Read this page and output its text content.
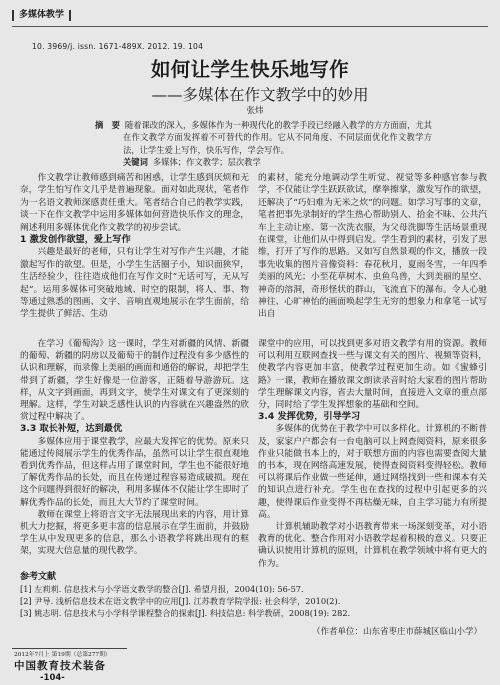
多媒体教学
10. 3969/j. issn. 1671-489X. 2012. 19. 104
如何让学生快乐地写作
——多媒体在作文教学中的妙用
张炜
摘　要 随着课改的深入，多媒体作为一种现代化的教学手段已经融入教学的方方面面，尤其在作文教学方面发挥着不可替代的作用。它从不同角度、不同层面优化作文教学方法，让学生爱上写作，快乐写作，学会写作。
关键词 多媒体；作文教学；层次教学

作文教学让教师感到痛苦和困惑，让学生感到厌烦和无奈，学生怕写作文几乎是普遍现象。面对如此现状，笔者作为一名语文教师深感责任重大。笔者结合自己的教学实践，谈一下在作文教学中运用多媒体如何营造快乐作文的理念，阐述利用多媒体优化作文教学的初步尝试。

1 激发创作欲望，爱上写作

兴趣是最好的老师，只有让学生对写作产生兴趣，才能激起写作的欲望。但是，小学生生活圈子小，知识面狭窄，生活经验少，往往造成他们在写作文时“无话可写，无从写起”。运用多媒体可突破地域、时空的限制，将人、事、物等通过熟悉的图画、文字、音响直观地展示在学生面前，给学生提供了鲜活、生动

的素材，能充分地调动学生听觉、视觉等多种感官参与教学，不仅能让学生跃跃欲试，摩拳擦掌，激发写作的欲望，还解决了“巧妇难为无米之炊”的问题。如学习写事的文章，笔者把事先录制好的学生热心帮助别人、拾金不昧、公共汽车上主动让座、第一次洗衣服，为父母洗脚等生活场景重现在课堂，让他们从中得到启发。学生看到的素材，引发了思维，打开了写作的思路。又如写自然景观的作文，播放一段事先收集的图片音像资料：春花秋月，夏雨冬雪，一年四季美丽的风光；小至花草树木、虫鱼鸟兽，大到美丽的星空、神奇的溶洞，奇形怪状的群山，飞流直下的瀑布。令人心驰神往、心旷神怡的画面唤起学生无穷的想象力和拿笔一试写出自

在学习《葡萄沟》这一课时，学生对新疆的风情、新疆的葡萄、新疆的阴房以及葡萄干的制作过程没有多少感性的认识和理解，而录像上美丽的画面和通俗的解说，却把学生带到了新疆，学生好像是一位游客，正随着导游游玩。这样，从文字到画面，再到文字，使学生对课文有了更深刻的理解。这样，学生对缺乏感性认识的内容就在兴趣盎然的欣赏过程中解决了。

3.3 取长补短，达到最优

多媒体应用于课堂教学，应最大发挥它的优势。原来只能通过传阅展示学生的优秀作品，虽然可以让学生很直观地看到优秀作品，但这样占用了课堂时间，学生也不能很好地了解优秀作品的长处，而且在传递过程容易造成破损。现在这个问题得到很好的解决，利用多媒体不仅能让学生即时了解优秀作品的长处，而且大大节约了课堂时间。

教师在课堂上将语言文字无法展现出来的内容，用计算机大力挖掘，将更多更丰富的信息展示在学生面前，并鼓励学生从中发现更多的信息，那么小语教学将跳出现有的框架，实现大信息量的现代教学。

课堂中的应用，可以找到更多对语文教学有用的资源。教师可以利用互联网查找一些与课文有关的图片、视频等资料，使教学内容更加丰富，使教学过程更加生动。如《蜜蜂引路》一课，教师在播放课文朗读录音时给大家看的图片帮助学生理解课文内容，省去大量时间，直接进入文章的重点部分，同时给了学生发挥想象的基础和空间。

3.4 发挥优势，引导学习

多媒体的优势在于教学中可以多样化。计算机的不断普及，家家户户都会有一台电脑可以上网查阅资料，原来很多作业只能做书本上的，对于联想方面的内容也需要查阅大量的书本，现在网络高速发展，使得查阅资料变得轻松。教师可以将课后作业做一些延伸，通过网络找到一些和课本有关的知识点进行补充。学生也在查找的过程中引起更多的兴趣，使得课后作业变得不再枯燥无味，自主学习能力有所提高。

计算机辅助教学对小语教育带来一场深刻变革，对小语教育的优化、整合作用对小语教学起着积极的意义。只要正确认识使用计算机的原则，计算机在教学领域中将有更大的作为。

参考文献
[1] 左莉莉. 信息技术与小学语文教学的整合[J]. 希望月报，2004(10): 56-57.
[2] 尹导. 浅析信息技术在语文教学中的应用[J]. 江苏教育学院学报: 社会科学，2010(2).
[3] 姚志明. 信息技术与小学科学课程整合的探索[J]. 科技信息: 科学教研，2008(19): 282.
（作者单位：山东省枣庄市薛城区临山小学）
2012年7月上 第19期（总第277期）
中国教育技术装备
-104-
